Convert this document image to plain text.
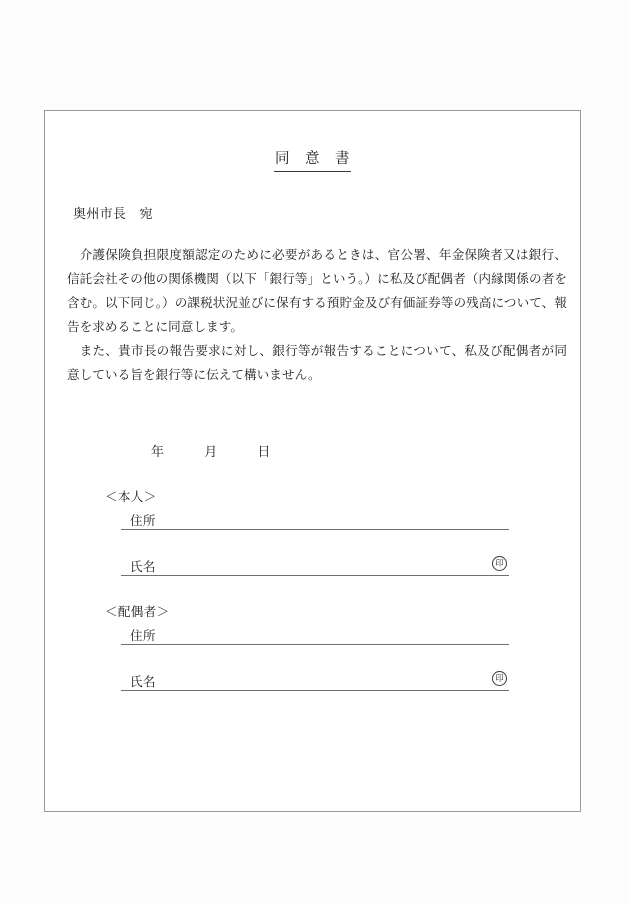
同　意　書
奥州市長　宛

介護保険負担限度額認定のために必要があるときは、官公署、年金保険者又は銀行、信託会社その他の関係機関（以下「銀行等」という。）に私及び配偶者（内縁関係の者を含む。以下同じ。）の課税状況並びに保有する預貯金及び有価証券等の残高について、報告を求めることに同意します。

また、貴市長の報告要求に対し、銀行等が報告することについて、私及び配偶者が同意している旨を銀行等に伝えて構いません。

年　　　月　　　日
＜本人＞
住所
氏名	印
＜配偶者＞
住所
氏名	印
